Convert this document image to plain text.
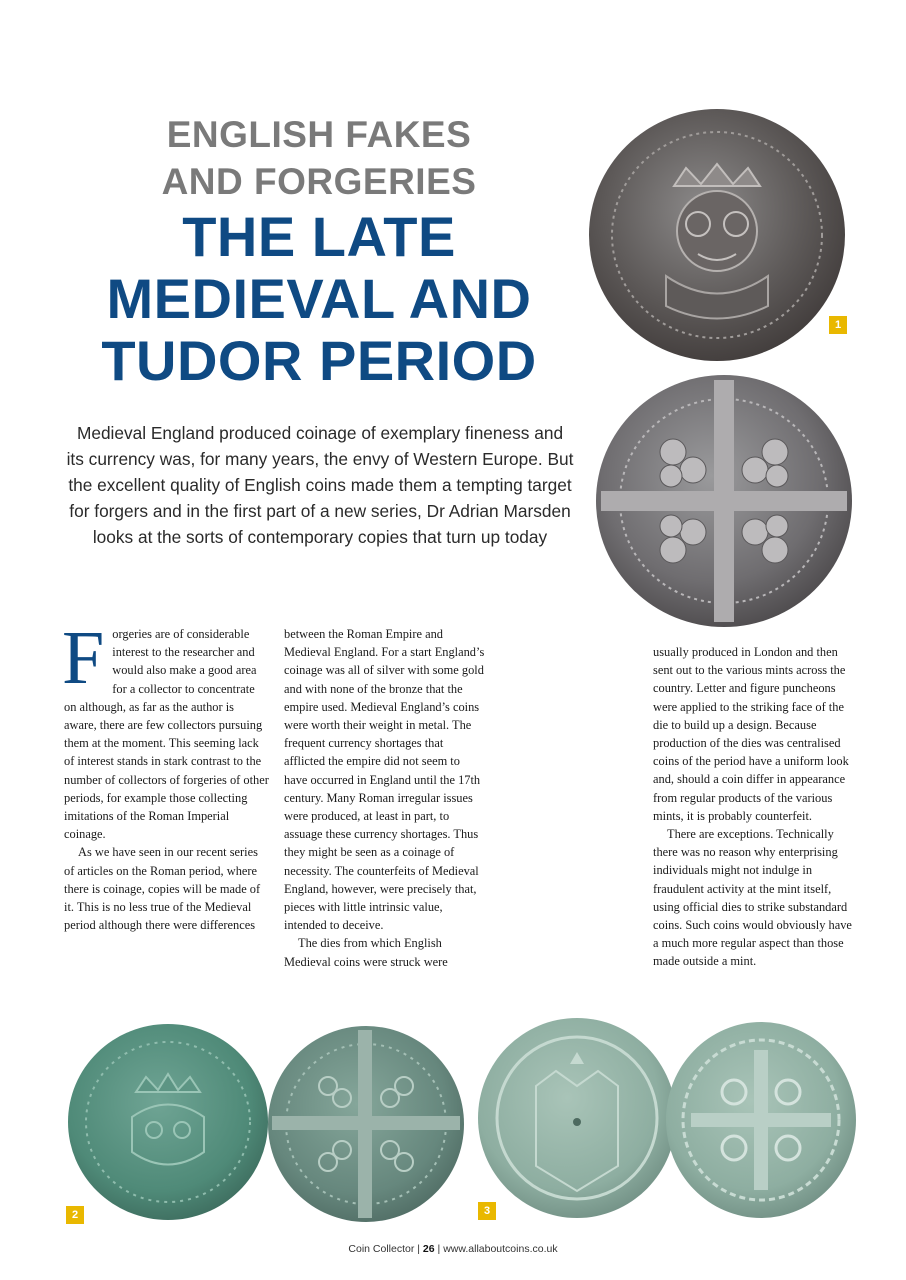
ENGLISH FAKES
AND FORGERIES
THE LATE
MEDIEVAL AND
TUDOR PERIOD
Medieval England produced coinage of exemplary fineness and its currency was, for many years, the envy of Western Europe. But the excellent quality of English coins made them a tempting target for forgers and in the first part of a new series, Dr Adrian Marsden looks at the sorts of contemporary copies that turn up today
1

Forgeries are of considerable interest to the researcher and would also make a good area for a collector to concentrate on although, as far as the author is aware, there are few collectors pursuing them at the moment. This seeming lack of interest stands in stark contrast to the number of collectors of forgeries of other periods, for example those collecting imitations of the Roman Imperial coinage.

As we have seen in our recent series of articles on the Roman period, where there is coinage, copies will be made of it. This is no less true of the Medieval period although there were differences

between the Roman Empire and Medieval England. For a start England’s coinage was all of silver with some gold and with none of the bronze that the empire used. Medieval England’s coins were worth their weight in metal. The frequent currency shortages that afflicted the empire did not seem to have occurred in England until the 17th century. Many Roman irregular issues were produced, at least in part, to assuage these currency shortages. Thus they might be seen as a coinage of necessity. The counterfeits of Medieval England, however, were precisely that, pieces with little intrinsic value, intended to deceive.

The dies from which English Medieval coins were struck were

usually produced in London and then sent out to the various mints across the country. Letter and figure puncheons were applied to the striking face of the die to build up a design. Because production of the dies was centralised coins of the period have a uniform look and, should a coin differ in appearance from regular products of the various mints, it is probably counterfeit.

There are exceptions. Technically there was no reason why enterprising individuals might not indulge in fraudulent activity at the mint itself, using official dies to strike substandard coins. Such coins would obviously have a much more regular aspect than those made outside a mint.

2	3
Coin Collector | 26 | www.allaboutcoins.co.uk
